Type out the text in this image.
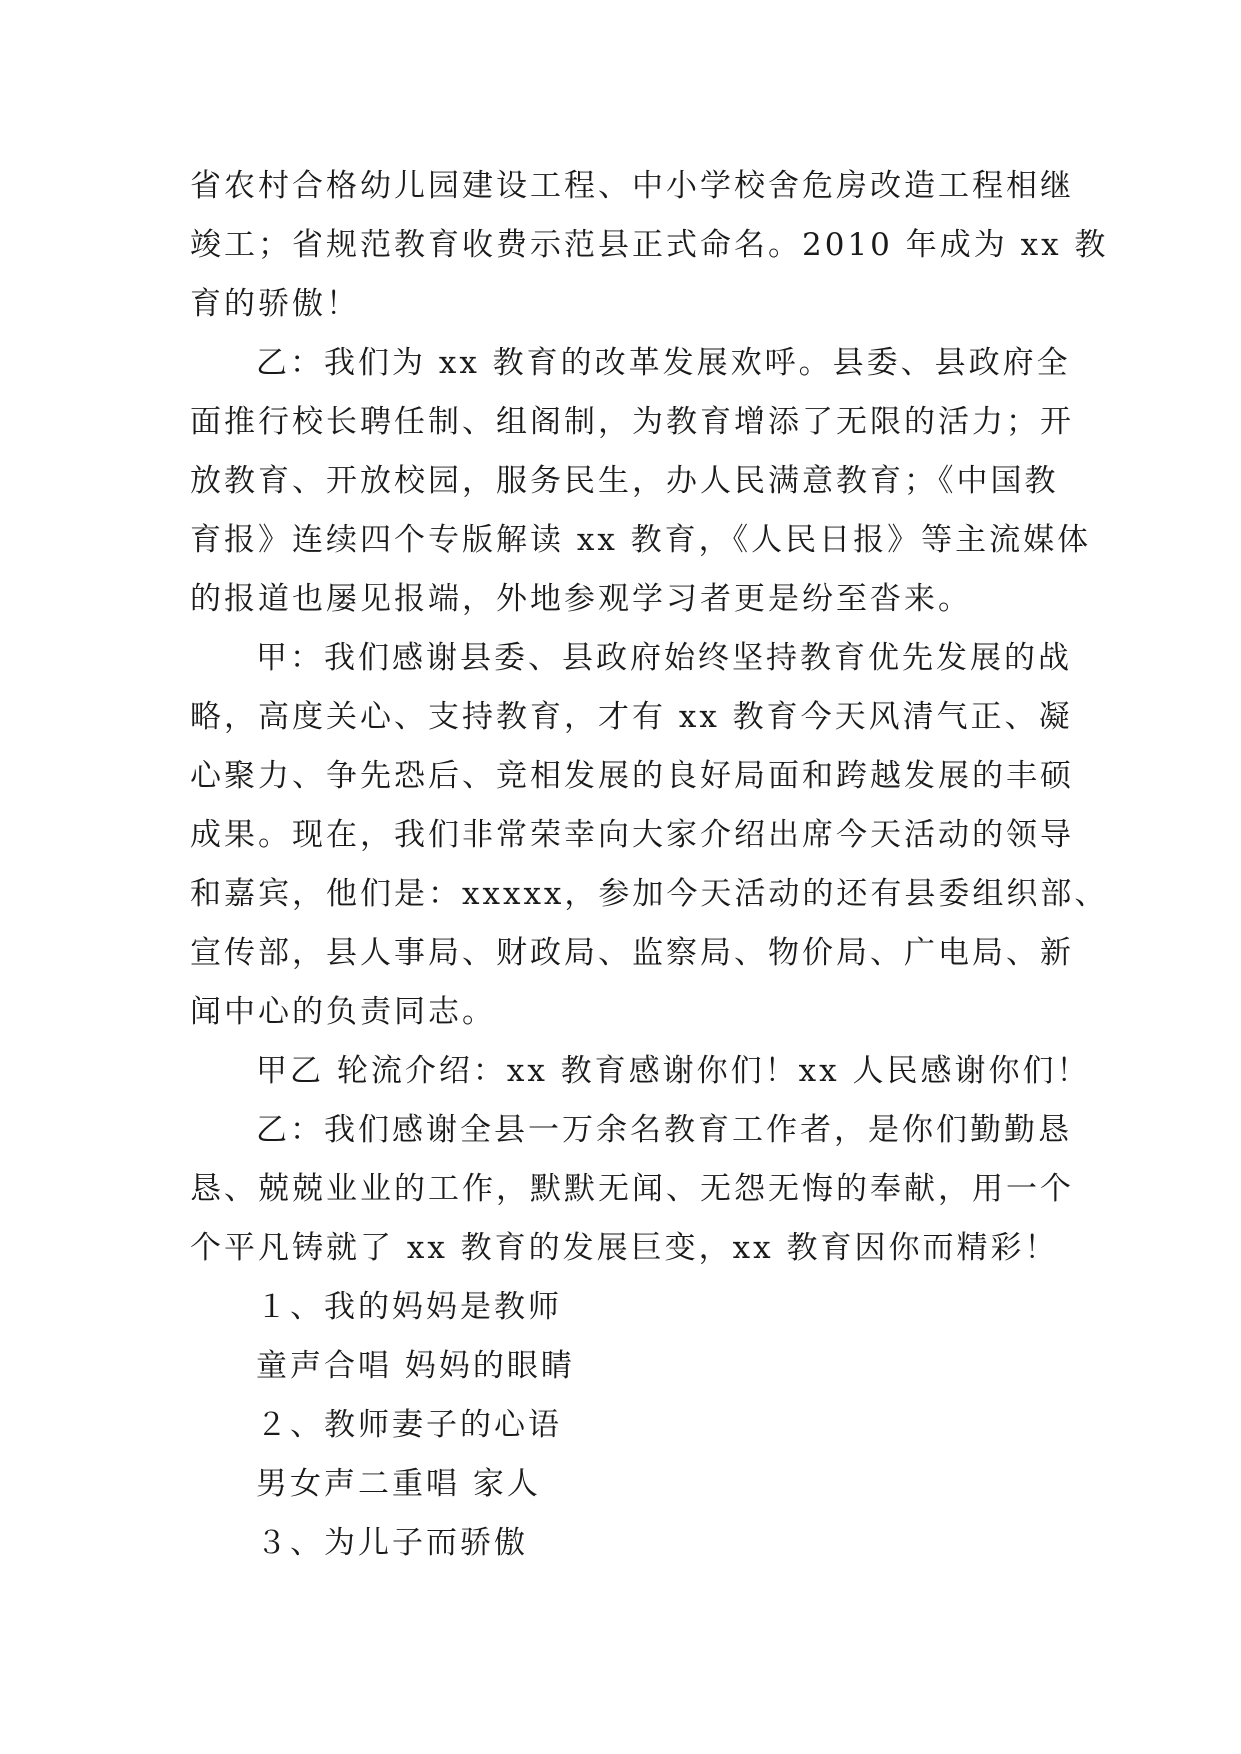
省农村合格幼儿园建设工程、中小学校舍危房改造工程相继
竣工；省规范教育收费示范县正式命名。2010 年成为 xx 教
育的骄傲！
乙：我们为 xx 教育的改革发展欢呼。县委、县政府全
面推行校长聘任制、组阁制，为教育增添了无限的活力；开
放教育、开放校园，服务民生，办人民满意教育；《中国教
育报》连续四个专版解读 xx 教育，《人民日报》等主流媒体
的报道也屡见报端，外地参观学习者更是纷至沓来。
甲：我们感谢县委、县政府始终坚持教育优先发展的战
略，高度关心、支持教育，才有 xx 教育今天风清气正、凝
心聚力、争先恐后、竞相发展的良好局面和跨越发展的丰硕
成果。现在，我们非常荣幸向大家介绍出席今天活动的领导
和嘉宾，他们是：xxxxx，参加今天活动的还有县委组织部、
宣传部，县人事局、财政局、监察局、物价局、广电局、新
闻中心的负责同志。
甲乙 轮流介绍：xx 教育感谢你们！xx 人民感谢你们！
乙：我们感谢全县一万余名教育工作者，是你们勤勤恳
恳、兢兢业业的工作，默默无闻、无怨无悔的奉献，用一个
个平凡铸就了 xx 教育的发展巨变，xx 教育因你而精彩！
１、我的妈妈是教师
童声合唱 妈妈的眼睛
２、教师妻子的心语
男女声二重唱 家人
３、为儿子而骄傲
